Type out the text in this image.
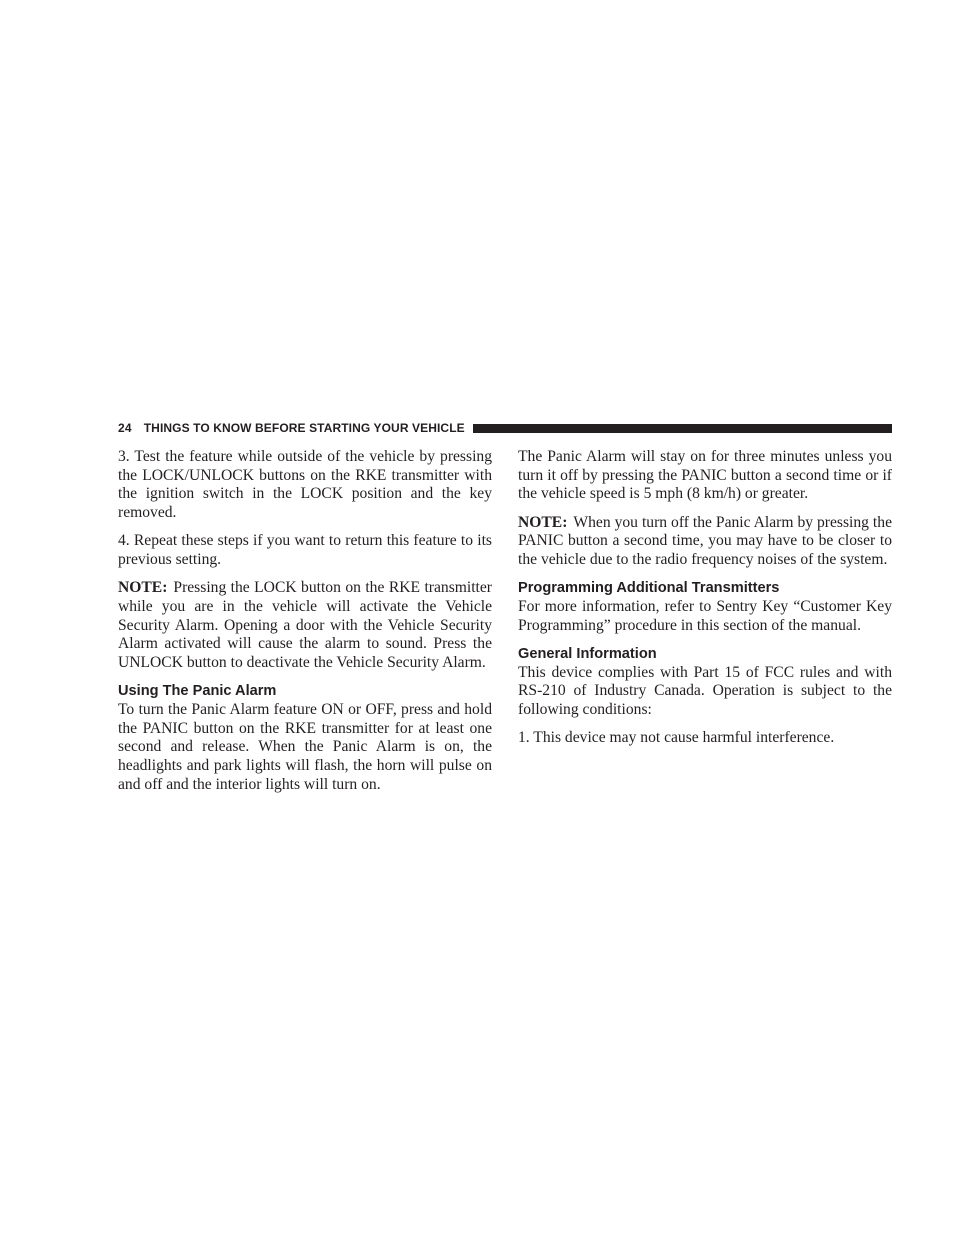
24 THINGS TO KNOW BEFORE STARTING YOUR VEHICLE

3. Test the feature while outside of the vehicle by pressing the LOCK/UNLOCK buttons on the RKE transmitter with the ignition switch in the LOCK position and the key removed.

4. Repeat these steps if you want to return this feature to its previous setting.

NOTE: Pressing the LOCK button on the RKE transmitter while you are in the vehicle will activate the Vehicle Security Alarm. Opening a door with the Vehicle Security Alarm activated will cause the alarm to sound. Press the UNLOCK button to deactivate the Vehicle Security Alarm.

Using The Panic Alarm

To turn the Panic Alarm feature ON or OFF, press and hold the PANIC button on the RKE transmitter for at least one second and release. When the Panic Alarm is on, the headlights and park lights will flash, the horn will pulse on and off and the interior lights will turn on.

The Panic Alarm will stay on for three minutes unless you turn it off by pressing the PANIC button a second time or if the vehicle speed is 5 mph (8 km/h) or greater.

NOTE: When you turn off the Panic Alarm by pressing the PANIC button a second time, you may have to be closer to the vehicle due to the radio frequency noises of the system.

Programming Additional Transmitters

For more information, refer to Sentry Key “Customer Key Programming” procedure in this section of the manual.

General Information

This device complies with Part 15 of FCC rules and with RS-210 of Industry Canada. Operation is subject to the following conditions:

1. This device may not cause harmful interference.
